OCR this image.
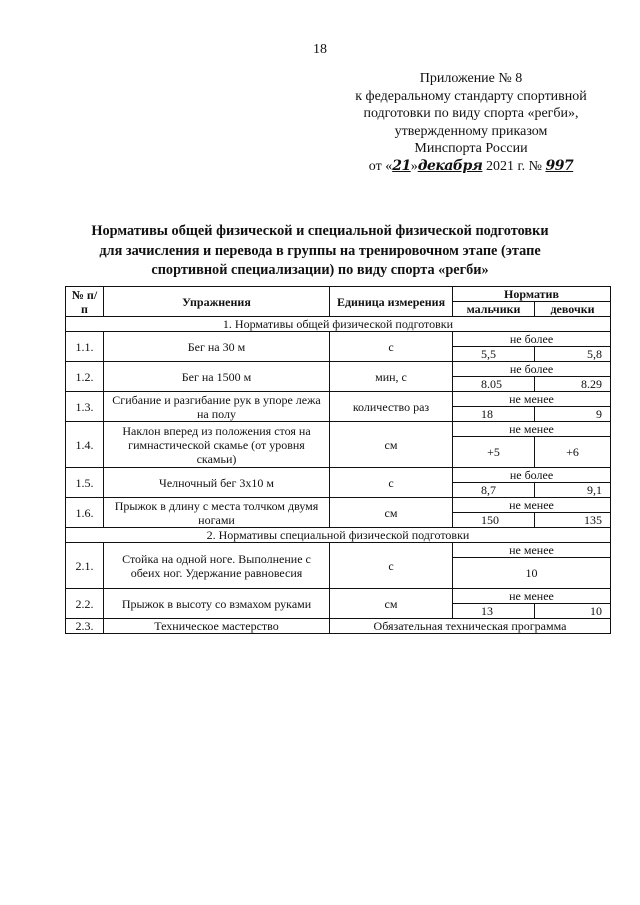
18
Приложение № 8
к федеральному стандарту спортивной
подготовки по виду спорта «регби»,
утвержденному приказом
Минспорта России
от «21»декабря 2021 г. № 997
Нормативы общей физической и специальной физической подготовки
для зачисления и перевода в группы на тренировочном этапе (этапе
спортивной специализации) по виду спорта «регби»
№ п/п	Упражнения	Единица измерения	Норматив	
			мальчики	девочки
1. Нормативы общей физической подготовки				
1.1.	Бег на 30 м	с	не более	
			5,5	5,8
1.2.	Бег на 1500 м	мин, с	не более	
			8.05	8.29
1.3.	Сгибание и разгибание рук в упоре лежа на полу	количество раз	не менее	
			18	9
1.4.	Наклон вперед из положения стоя на гимнастической скамье (от уровня скамьи)	см	не менее	
			+5	+6
1.5.	Челночный бег 3х10 м	с	не более	
			8,7	9,1
1.6.	Прыжок в длину с места толчком двумя ногами	см	не менее	
			150	135
2. Нормативы специальной физической подготовки				
2.1.	Стойка на одной ноге. Выполнение с обеих ног. Удержание равновесия	с	не менее	
			10	
2.2.	Прыжок в высоту со взмахом руками	см	не менее	
			13	10
2.3.	Техническое мастерство	Обязательная техническая программа		
